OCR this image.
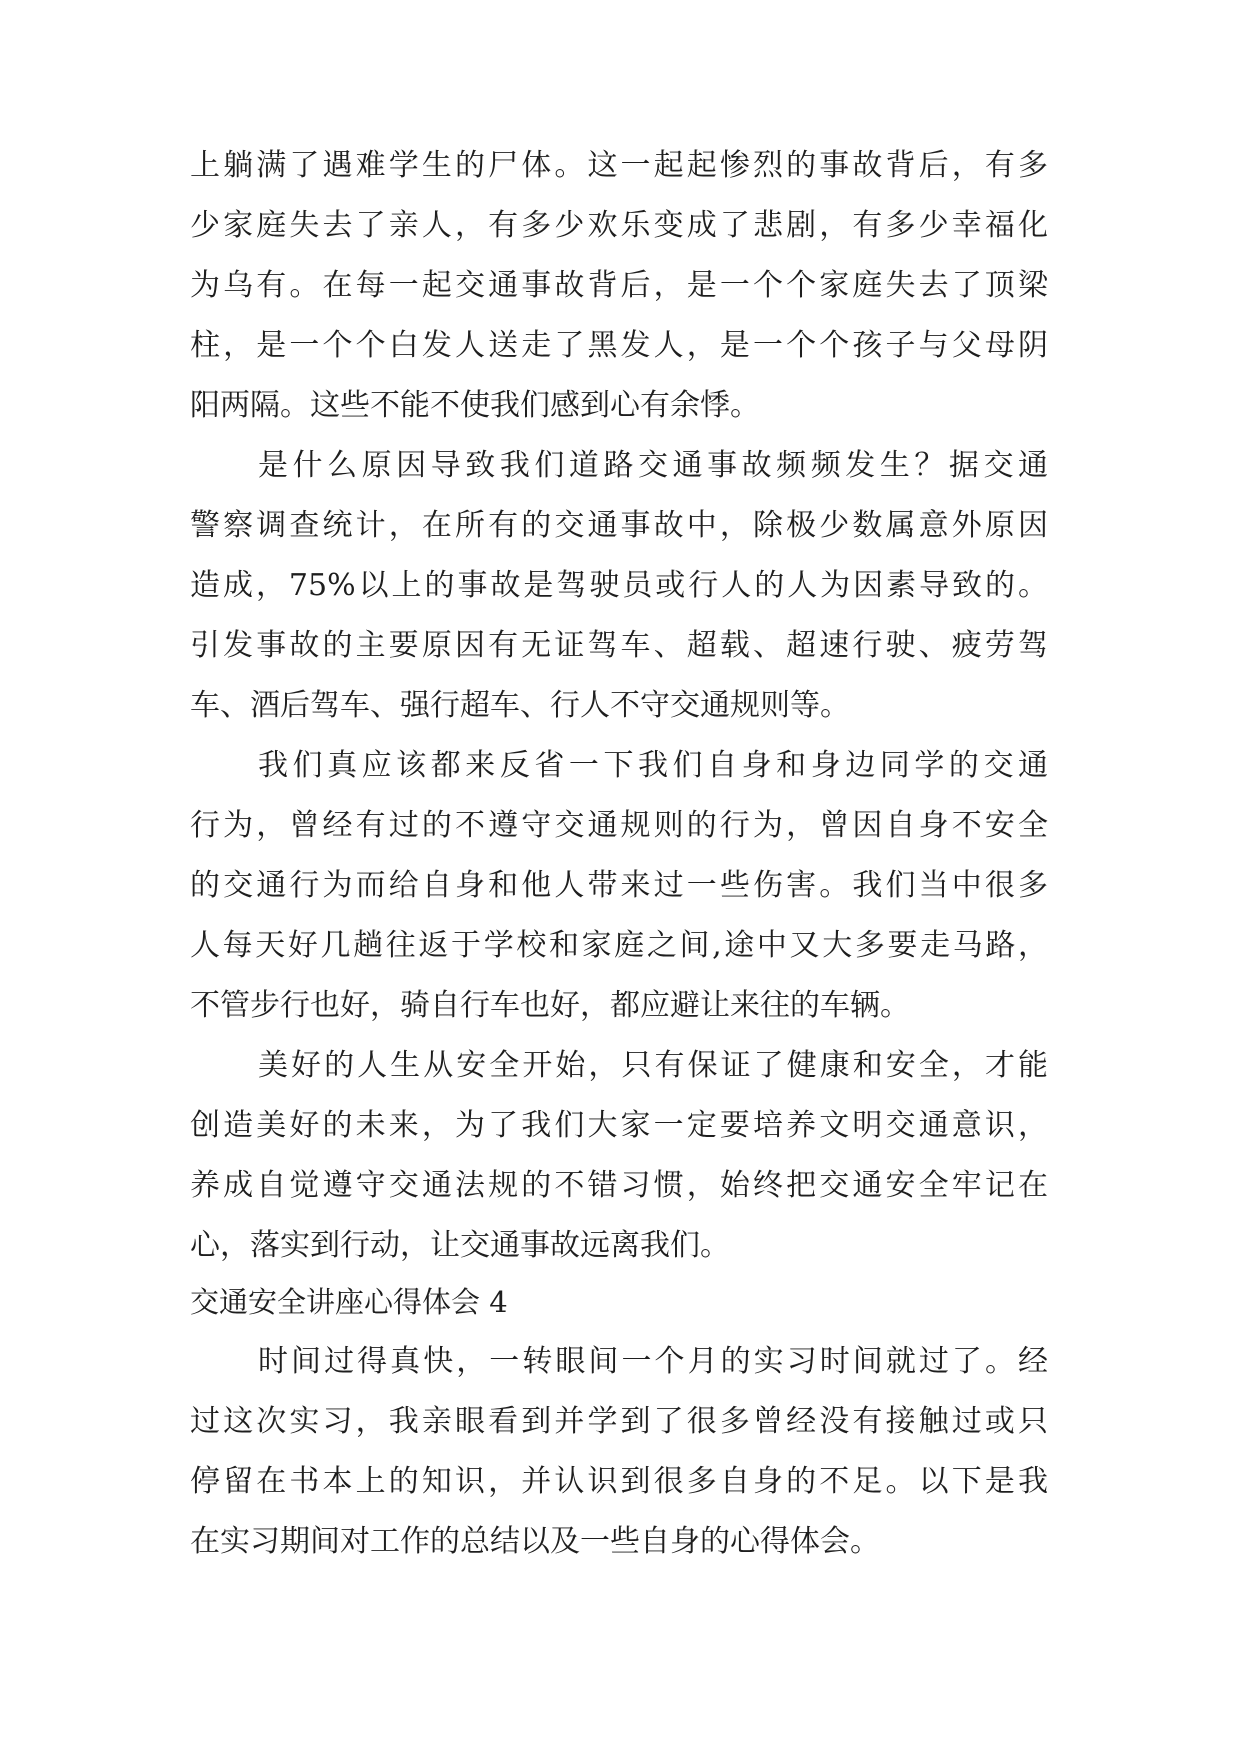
上躺满了遇难学生的尸体。这一起起惨烈的事故背后，有多
少家庭失去了亲人，有多少欢乐变成了悲剧，有多少幸福化
为乌有。在每一起交通事故背后，是一个个家庭失去了顶梁
柱，是一个个白发人送走了黑发人，是一个个孩子与父母阴
阳两隔。这些不能不使我们感到心有余悸。
是什么原因导致我们道路交通事故频频发生？据交通
警察调查统计，在所有的交通事故中，除极少数属意外原因
造成，75%以上的事故是驾驶员或行人的人为因素导致的。
引发事故的主要原因有无证驾车、超载、超速行驶、疲劳驾
车、酒后驾车、强行超车、行人不守交通规则等。
我们真应该都来反省一下我们自身和身边同学的交通
行为，曾经有过的不遵守交通规则的行为，曾因自身不安全
的交通行为而给自身和他人带来过一些伤害。我们当中很多
人每天好几趟往返于学校和家庭之间,途中又大多要走马路，
不管步行也好，骑自行车也好，都应避让来往的车辆。
美好的人生从安全开始，只有保证了健康和安全，才能
创造美好的未来，为了我们大家一定要培养文明交通意识，
养成自觉遵守交通法规的不错习惯，始终把交通安全牢记在
心，落实到行动，让交通事故远离我们。
交通安全讲座心得体会 4
时间过得真快，一转眼间一个月的实习时间就过了。经
过这次实习，我亲眼看到并学到了很多曾经没有接触过或只
停留在书本上的知识，并认识到很多自身的不足。以下是我
在实习期间对工作的总结以及一些自身的心得体会。
